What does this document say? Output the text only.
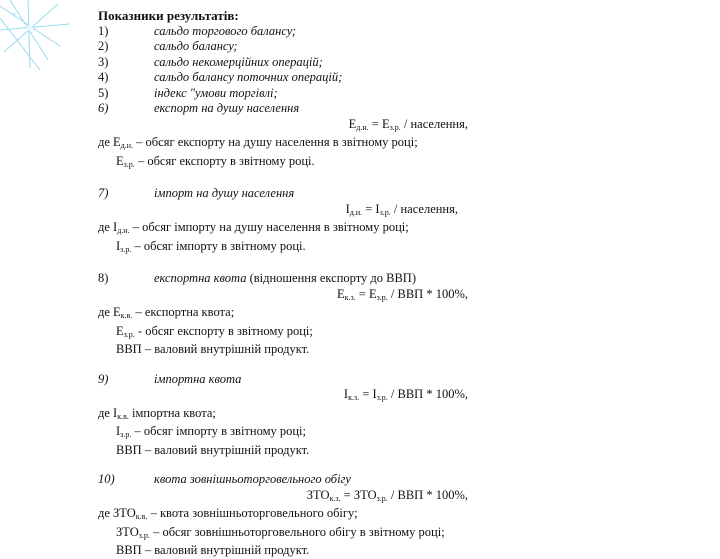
Показники результатів:
1)	сальдо торгового балансу;
2)	сальдо балансу;
3)	сальдо некомерційних операцій;
4)	сальдо балансу поточних операцій;
5)	індекс "умови торгівлі;
6)	експорт на душу населення
$Е_{д.н.} = Е_{з.р.}$ / населення,
де $Е_{д.н.}$ – обсяг експорту на душу населення в звітному році;
$Е_{з.р.}$ – обсяг експорту в звітному році.
7)	імпорт на душу населення
$І_{д.н.} = І_{з.р.}$ / населення,
де $І_{д.н.}$ – обсяг імпорту на душу населення в звітному році;
$І_{з.р.}$ – обсяг імпорту в звітному році.
8)	експортна квота (відношення експорту до ВВП)
$Е_{к.з.} = Е_{з.р.}$ / ВВП * 100%,
де $Е_{к.в.}$ – експортна квота;
$Е_{з.р.}$ - обсяг експорту в звітному році;
ВВП – валовий внутрішній продукт.
9)	імпортна квота
$І_{к.з.} = І_{з.р.}$ / ВВП * 100%,
де $І_{к.в.}$ імпортна квота;
$І_{з.р.}$ – обсяг імпорту в звітному році;
ВВП – валовий внутрішній продукт.
10)	квота зовнішньоторговельного обігу
$ЗТО_{к.з.} = ЗТО_{з.р.}$ / ВВП * 100%,
де $ЗТО_{к.в.}$ – квота зовнішньоторговельного обігу;
$ЗТО_{з.р.}$ – обсяг зовнішньоторговельного обігу в звітному році;
ВВП – валовий внутрішній продукт.
